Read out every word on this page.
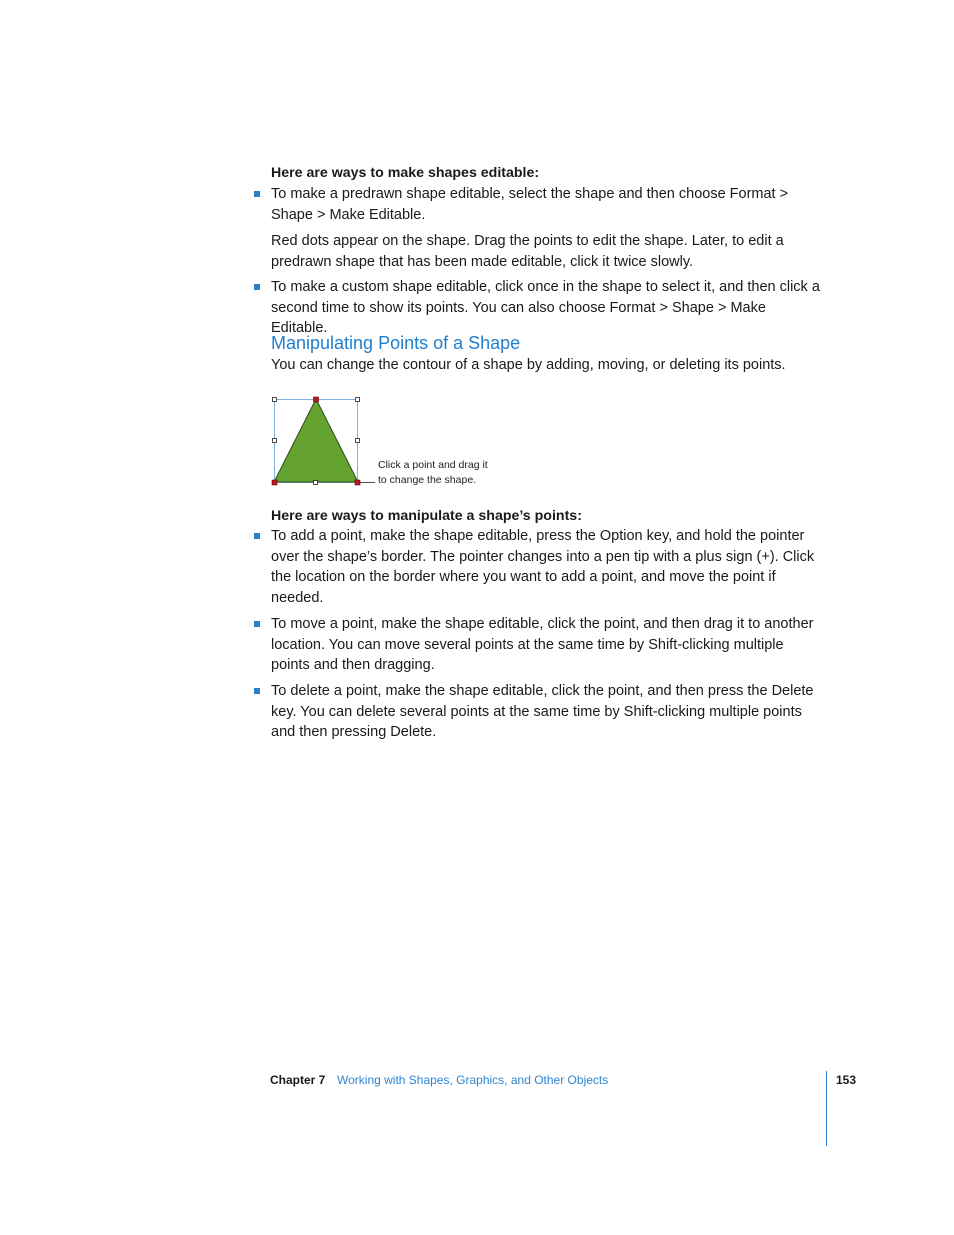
Here are ways to make shapes editable:

To make a predrawn shape editable, select the shape and then choose Format > Shape > Make Editable.

Red dots appear on the shape. Drag the points to edit the shape. Later, to edit a predrawn shape that has been made editable, click it twice slowly.

To make a custom shape editable, click once in the shape to select it, and then click a second time to show its points. You can also choose Format > Shape > Make Editable.

Manipulating Points of a Shape
You can change the contour of a shape by adding, moving, or deleting its points.
Click a point and drag it
to change the shape.
Here are ways to manipulate a shape’s points:

To add a point, make the shape editable, press the Option key, and hold the pointer over the shape’s border. The pointer changes into a pen tip with a plus sign (+). Click the location on the border where you want to add a point, and move the point if needed.

To move a point, make the shape editable, click the point, and then drag it to another location. You can move several points at the same time by Shift-clicking multiple points and then dragging.

To delete a point, make the shape editable, click the point, and then press the Delete key. You can delete several points at the same time by Shift-clicking multiple points and then pressing Delete.

Chapter 7 Working with Shapes, Graphics, and Other Objects	153
